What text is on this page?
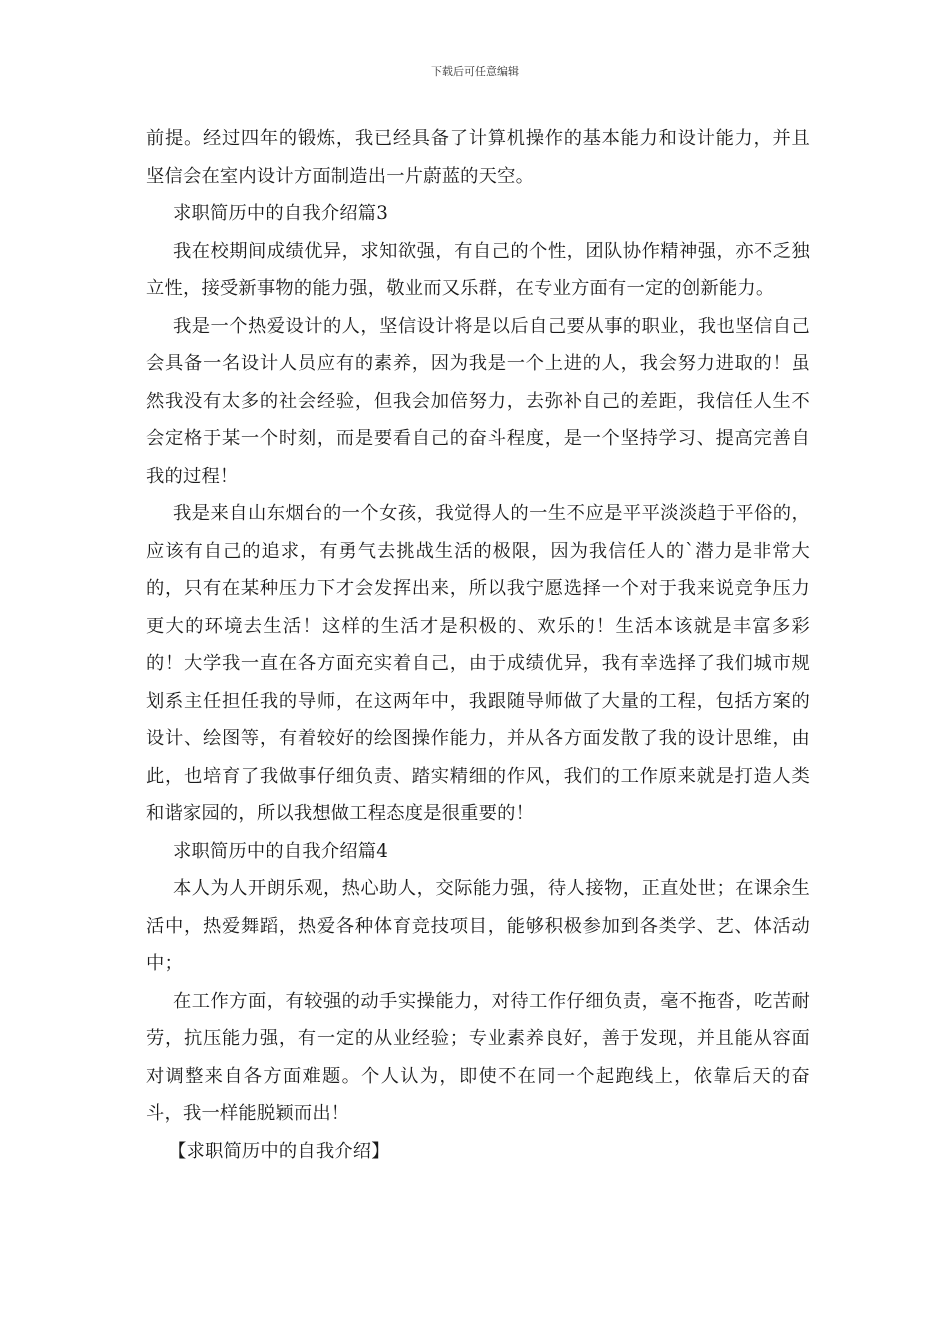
下载后可任意编辑

前提。经过四年的锻炼，我已经具备了计算机操作的基本能力和设计能力，并且坚信会在室内设计方面制造出一片蔚蓝的天空。

求职简历中的自我介绍篇3

我在校期间成绩优异，求知欲强，有自己的个性，团队协作精神强，亦不乏独立性，接受新事物的能力强，敬业而又乐群，在专业方面有一定的创新能力。

我是一个热爱设计的人，坚信设计将是以后自己要从事的职业，我也坚信自己会具备一名设计人员应有的素养，因为我是一个上进的人，我会努力进取的！虽然我没有太多的社会经验，但我会加倍努力，去弥补自己的差距，我信任人生不会定格于某一个时刻，而是要看自己的奋斗程度，是一个坚持学习、提高完善自我的过程！

我是来自山东烟台的一个女孩，我觉得人的一生不应是平平淡淡趋于平俗的，应该有自己的追求，有勇气去挑战生活的极限，因为我信任人的`潜力是非常大的，只有在某种压力下才会发挥出来，所以我宁愿选择一个对于我来说竞争压力更大的环境去生活！这样的生活才是积极的、欢乐的！生活本该就是丰富多彩的！大学我一直在各方面充实着自己，由于成绩优异，我有幸选择了我们城市规划系主任担任我的导师，在这两年中，我跟随导师做了大量的工程，包括方案的设计、绘图等，有着较好的绘图操作能力，并从各方面发散了我的设计思维，由此，也培育了我做事仔细负责、踏实精细的作风，我们的工作原来就是打造人类和谐家园的，所以我想做工程态度是很重要的！

求职简历中的自我介绍篇4

本人为人开朗乐观，热心助人，交际能力强，待人接物，正直处世；在课余生活中，热爱舞蹈，热爱各种体育竞技项目，能够积极参加到各类学、艺、体活动中；

在工作方面，有较强的动手实操能力，对待工作仔细负责，毫不拖沓，吃苦耐劳，抗压能力强，有一定的从业经验；专业素养良好，善于发现，并且能从容面对调整来自各方面难题。个人认为，即使不在同一个起跑线上，依靠后天的奋斗，我一样能脱颖而出！

【求职简历中的自我介绍】
